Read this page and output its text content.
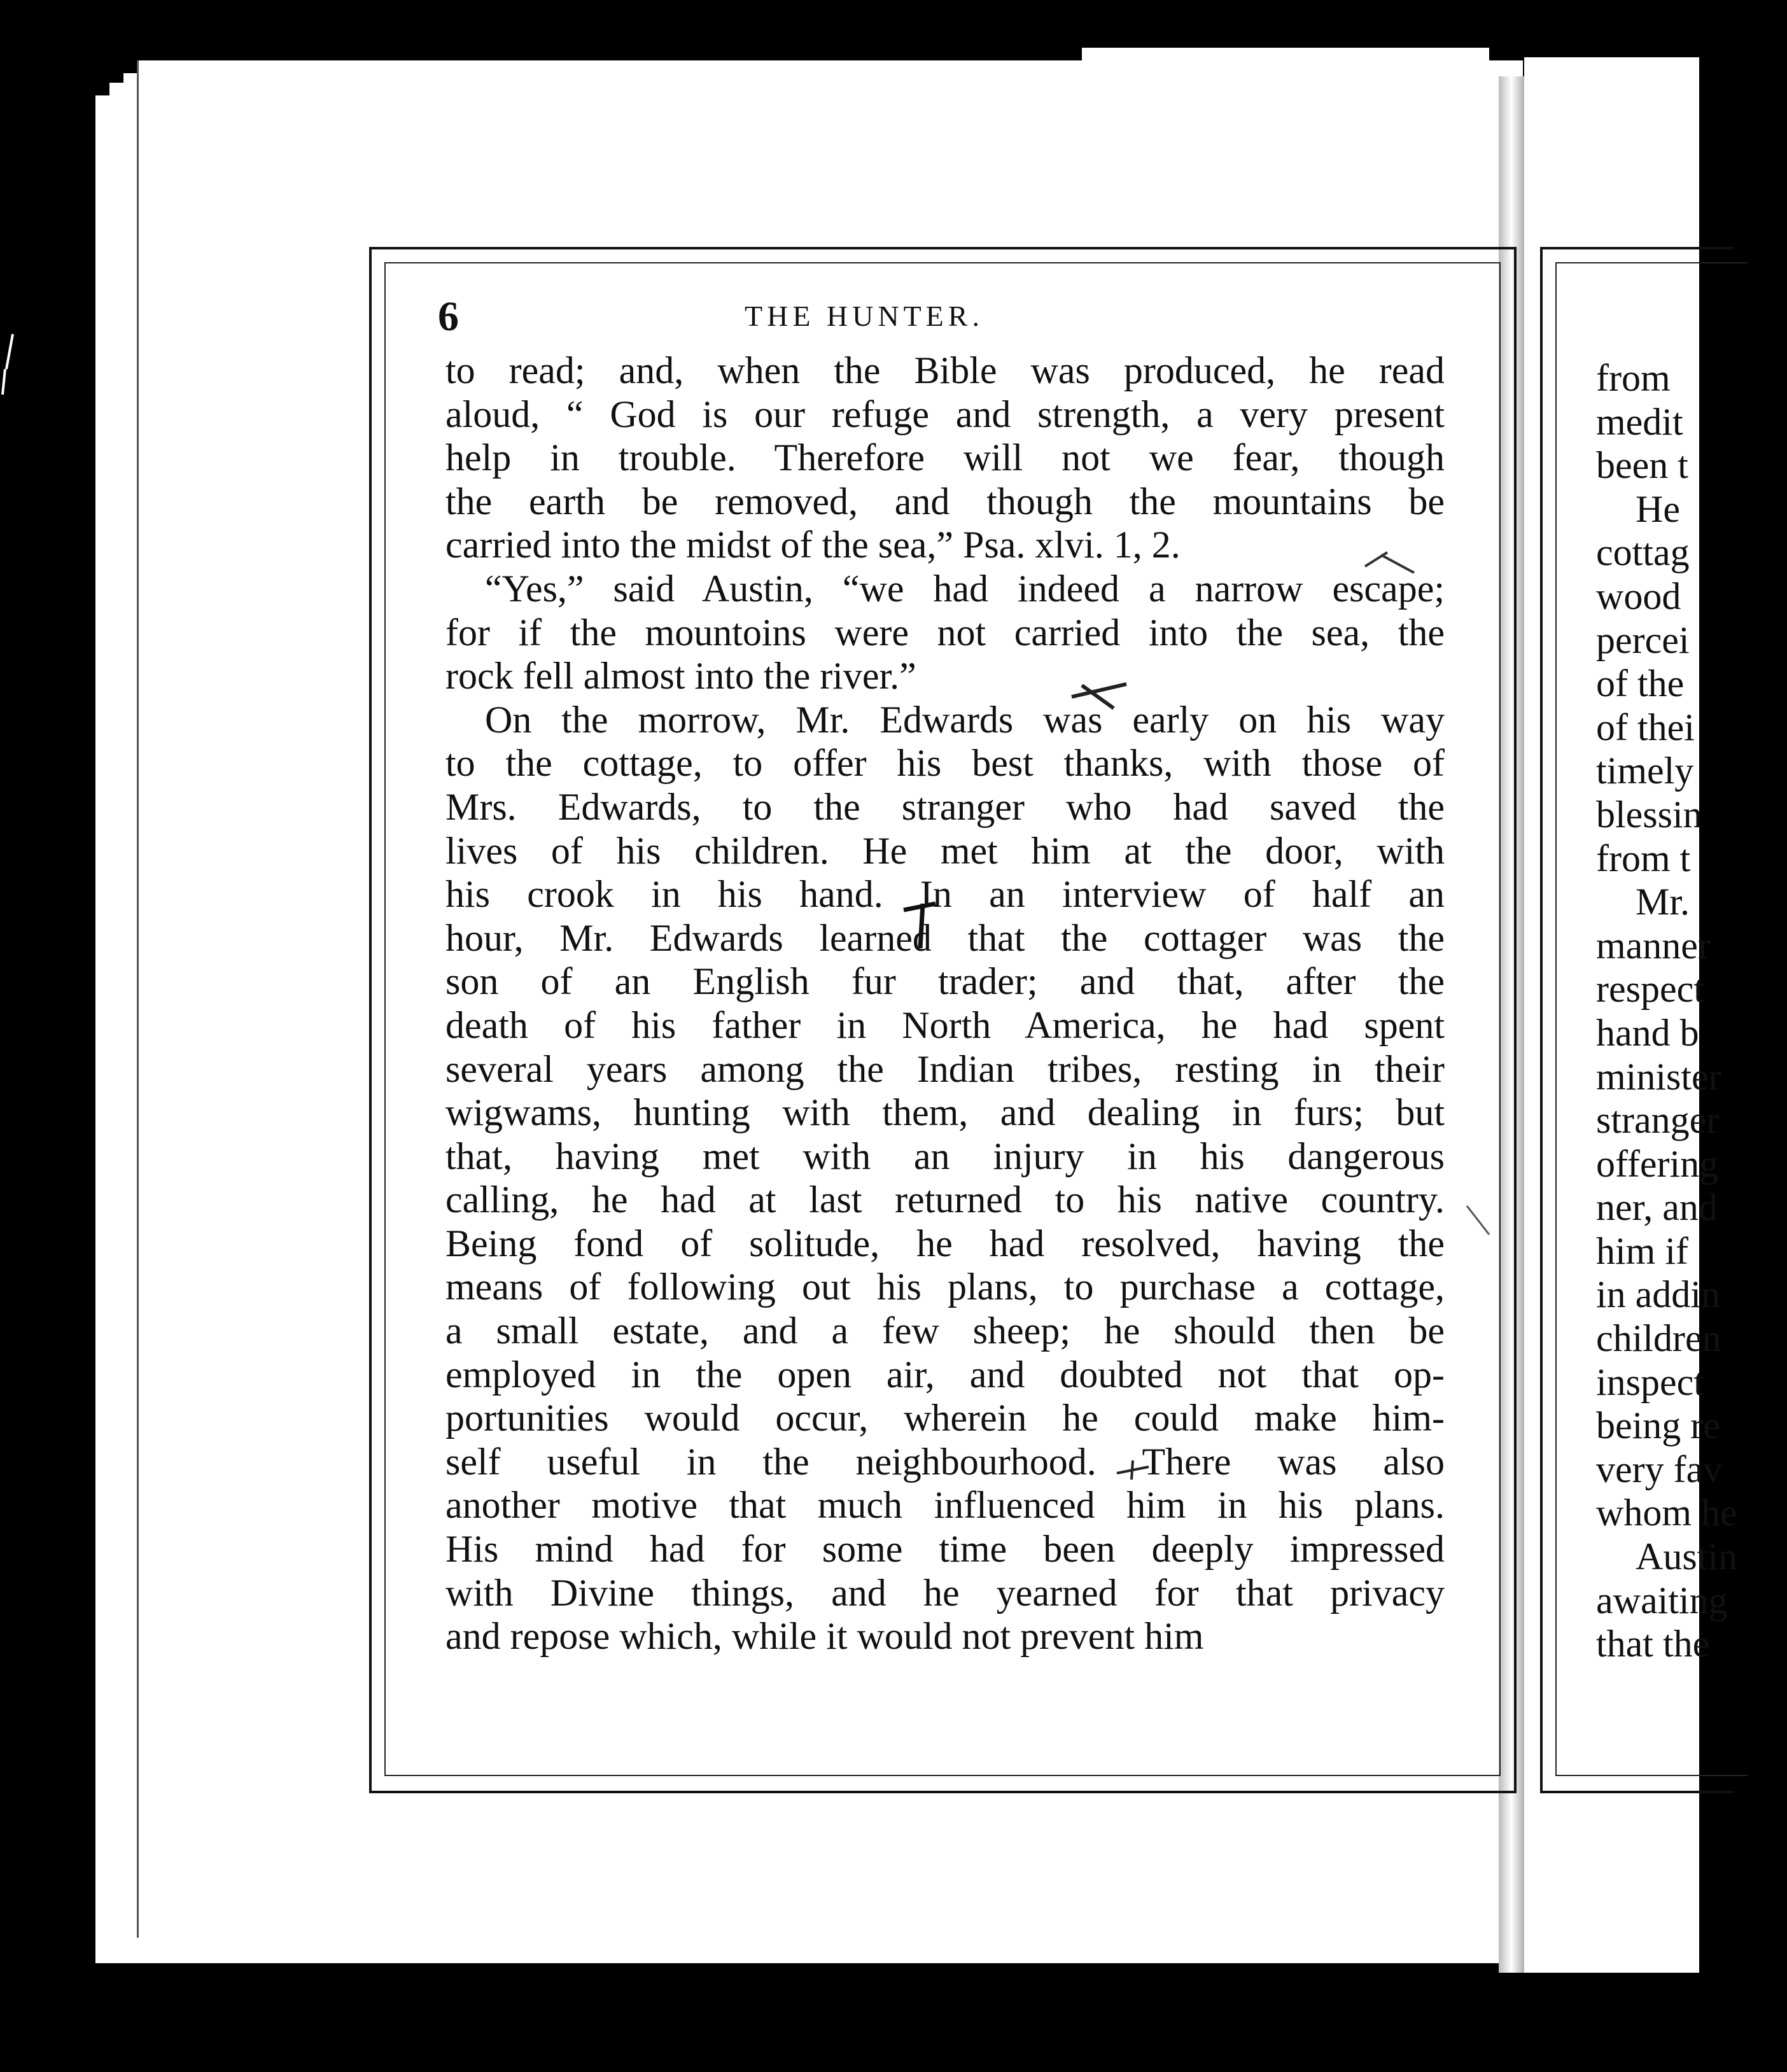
6	THE HUNTER.
to read; and, when the Bible was produced, he read
aloud, “ God is our refuge and strength, a very present
help in trouble. Therefore will not we fear, though
the earth be removed, and though the mountains be
carried into the midst of the sea,” Psa. xlvi. 1, 2.
“Yes,” said Austin, “we had indeed a narrow escape;
for if the mountoins were not carried into the sea, the
rock fell almost into the river.”
On the morrow, Mr. Edwards was early on his way
to the cottage, to offer his best thanks, with those of
Mrs. Edwards, to the stranger who had saved the
lives of his children. He met him at the door, with
his crook in his hand. In an interview of half an
hour, Mr. Edwards learned that the cottager was the
son of an English fur trader; and that, after the
death of his father in North America, he had spent
several years among the Indian tribes, resting in their
wigwams, hunting with them, and dealing in furs; but
that, having met with an injury in his dangerous
calling, he had at last returned to his native country.
Being fond of solitude, he had resolved, having the
means of following out his plans, to purchase a cottage,
a small estate, and a few sheep; he should then be
employed in the open air, and doubted not that op-
portunities would occur, wherein he could make him-
self useful in the neighbourhood. There was also
another motive that much influenced him in his plans.
His mind had for some time been deeply impressed
with Divine things, and he yearned for that privacy
and repose which, while it would not prevent him
from
medit
been t
He
cottag
wood
percei
of the
of thei
timely
blessin
from t
Mr.
manner
respect
hand b
minister
stranger
offering
ner, and
him if
in addin
children
inspect
being re
very fav
whom he
Austin
awaiting
that the
